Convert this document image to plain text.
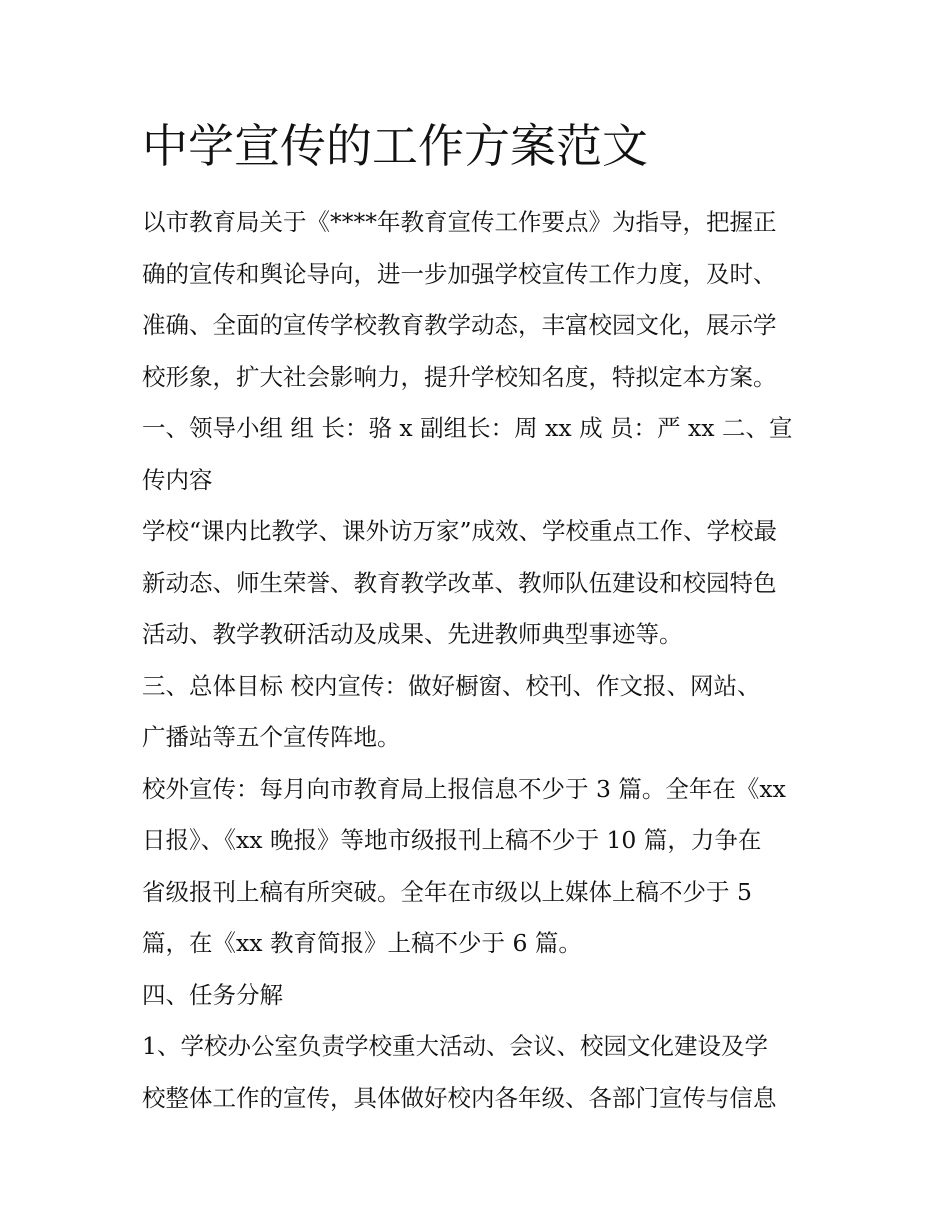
中学宣传的工作方案范文
以市教育局关于《****年教育宣传工作要点》为指导，把握正
确的宣传和舆论导向，进一步加强学校宣传工作力度，及时、
准确、全面的宣传学校教育教学动态，丰富校园文化，展示学
校形象，扩大社会影响力，提升学校知名度，特拟定本方案。
一、领导小组 组 长：骆 x 副组长：周 xx 成 员：严 xx 二、宣
传内容
学校“课内比教学、课外访万家”成效、学校重点工作、学校最
新动态、师生荣誉、教育教学改革、教师队伍建设和校园特色
活动、教学教研活动及成果、先进教师典型事迹等。
三、总体目标 校内宣传：做好橱窗、校刊、作文报、网站、
广播站等五个宣传阵地。
校外宣传：每月向市教育局上报信息不少于 3 篇。全年在《xx
日报》、《xx 晚报》等地市级报刊上稿不少于 10 篇，力争在
省级报刊上稿有所突破。全年在市级以上媒体上稿不少于 5
篇，在《xx 教育简报》上稿不少于 6 篇。
四、任务分解
1、学校办公室负责学校重大活动、会议、校园文化建设及学
校整体工作的宣传，具体做好校内各年级、各部门宣传与信息
